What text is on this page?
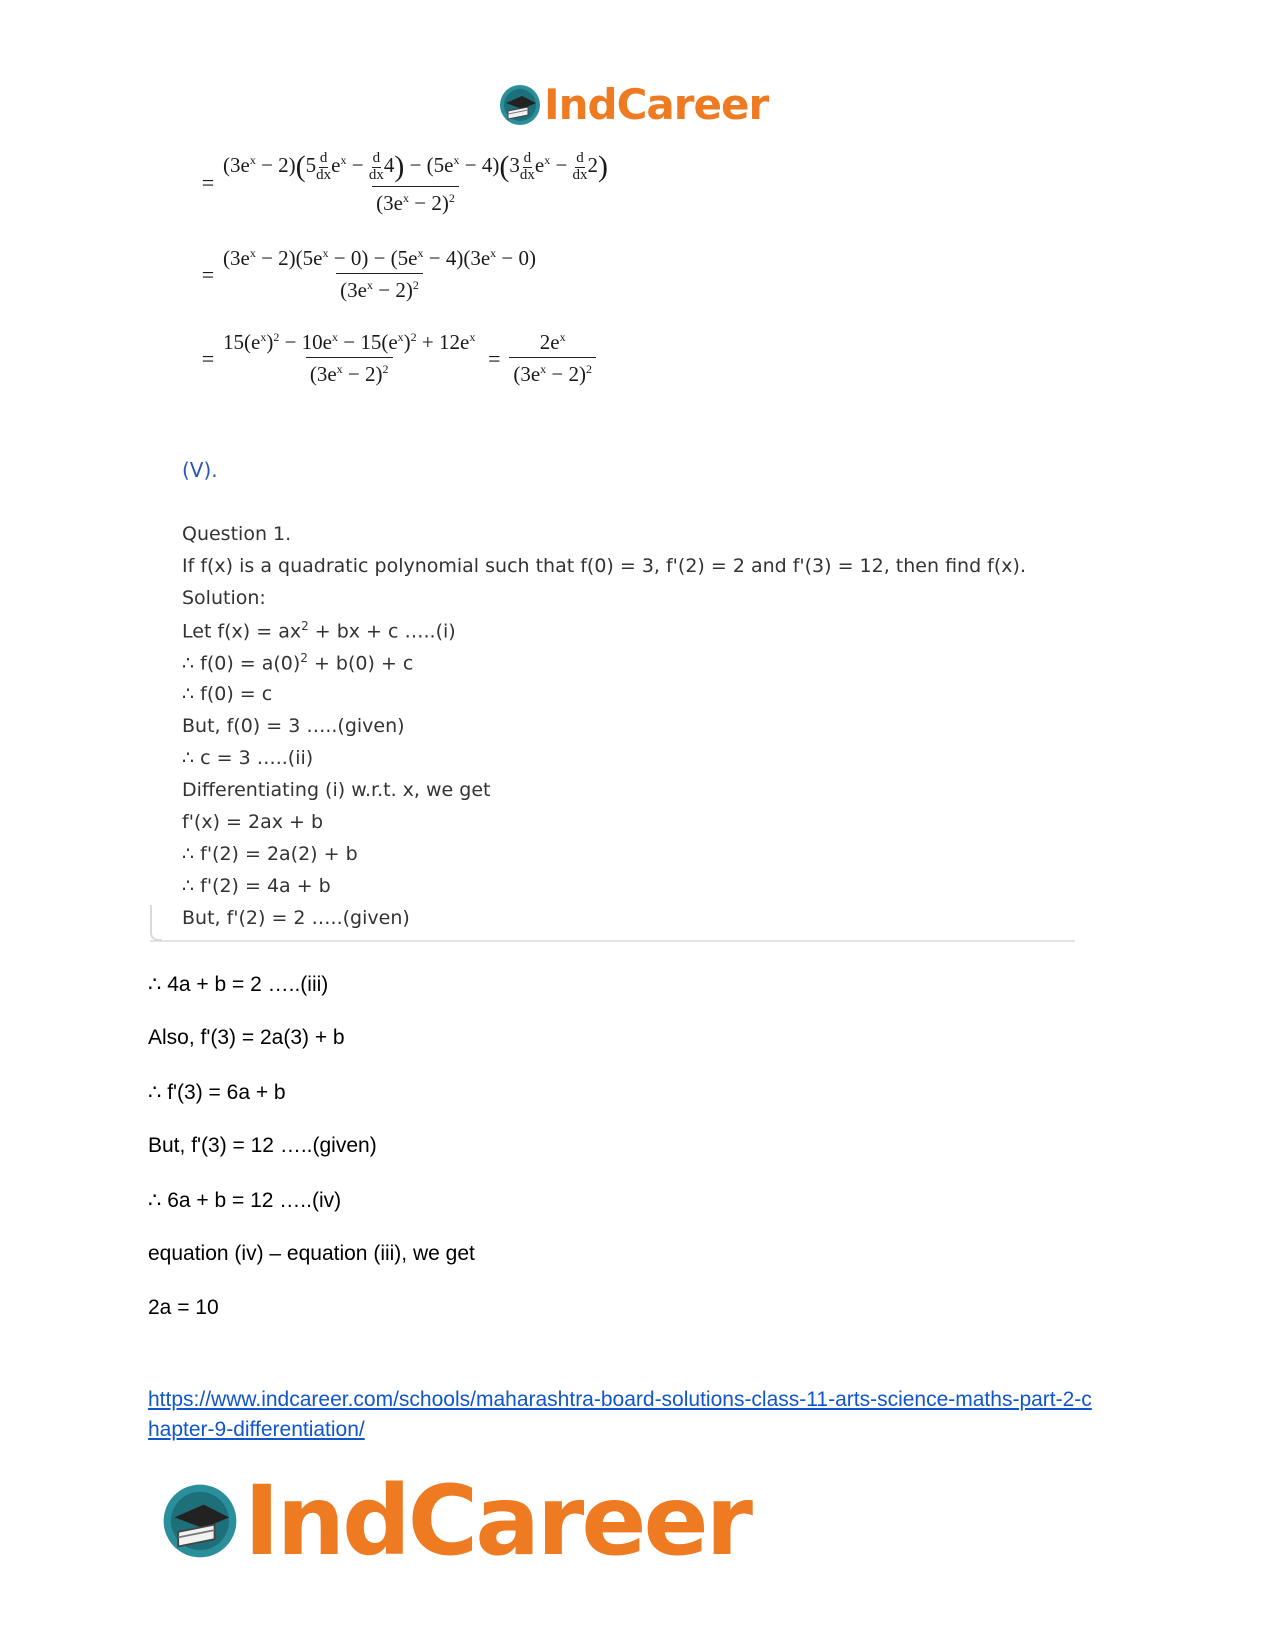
IndCareer
= $\frac{(3e^x - 2)(5 \frac{d}{dx} e^x - \frac{d}{dx} 4) - (5e^x - 4)(3 \frac{d}{dx} e^x - \frac{d}{dx} 2)}{(3e^x - 2)^2}$
= $\frac{(3e^x - 2)(5e^x - 0) - (5e^x - 4)(3e^x - 0)}{(3e^x - 2)^2}$
= $\frac{15(e^x)^2 - 10e^x - 15(e^x)^2 + 12e^x}{(3e^x - 2)^2} = \frac{2e^x}{(3e^x - 2)^2}$
(V).
Question 1.
If f(x) is a quadratic polynomial such that f(0) = 3, f'(2) = 2 and f'(3) = 12, then find f(x).
Solution:
Let $f(x) = ax^2$ + bx + c …..(i)
∴ $f(0) = a(0)^2 + b(0) + c$
∴ f(0) = c
But, f(0) = 3 …..(given)
∴ c = 3 …..(ii)
Differentiating (i) w.r.t. x, we get
f'(x) = 2ax + b
∴ f'(2) = 2a(2) + b
∴ f'(2) = 4a + b
But, f'(2) = 2 …..(given)
∴ 4a + b = 2 …..(iii)
Also, f'(3) = 2a(3) + b
∴ f'(3) = 6a + b
But, f'(3) = 12 …..(given)
∴ 6a + b = 12 …..(iv)
equation (iv) – equation (iii), we get
2a = 10
https://www.indcareer.com/schools/maharashtra-board-solutions-class-11-arts-science-maths-part-2-chapter-9-differentiation/
IndCareer
